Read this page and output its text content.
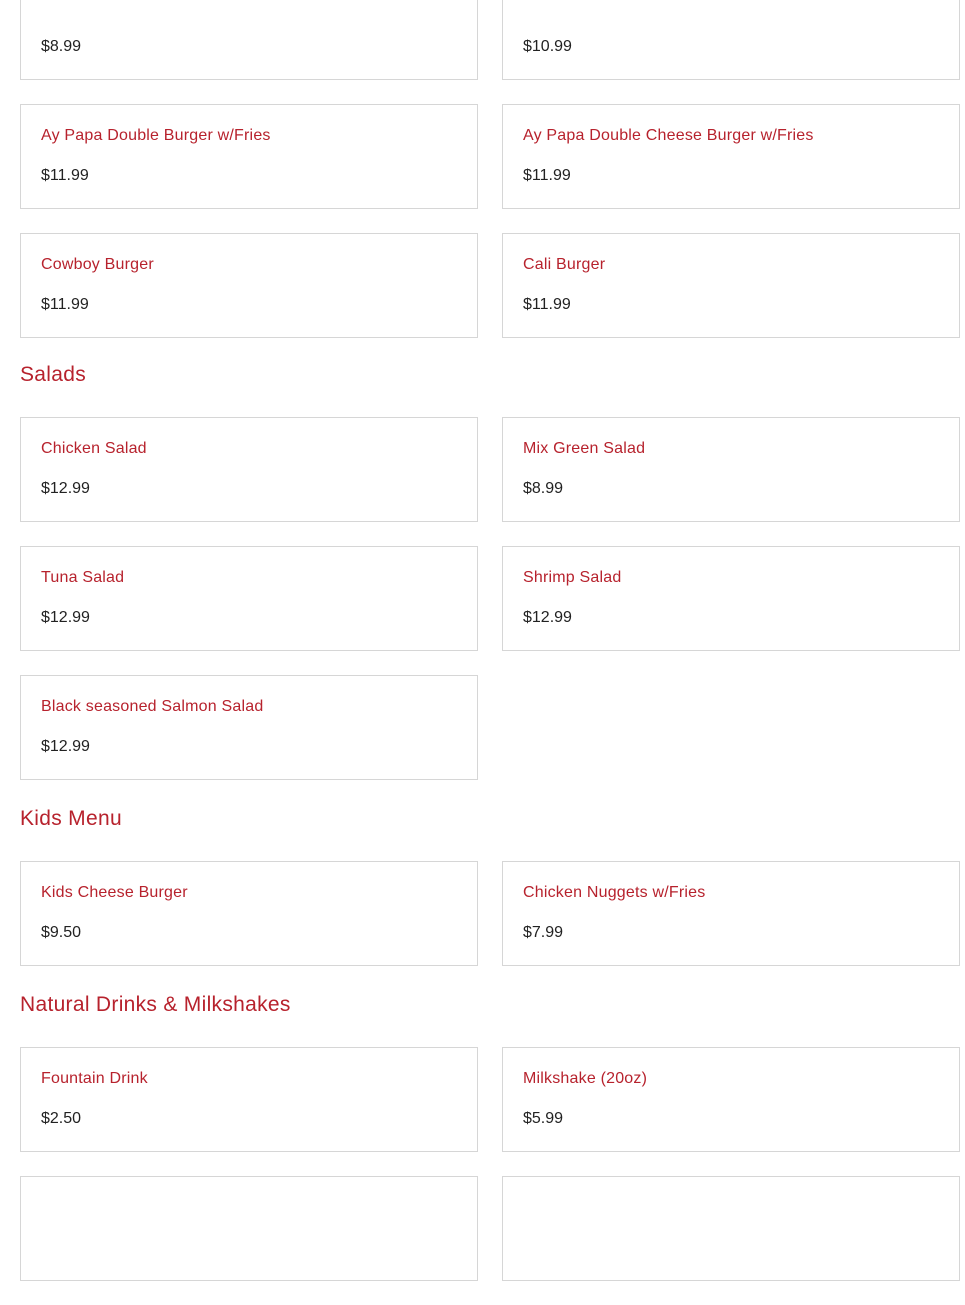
$8.99	$10.99
Ay Papa Double Burger w/Fries
$11.99
Ay Papa Double Cheese Burger w/Fries
$11.99
Cowboy Burger
$11.99
Cali Burger
$11.99
Salads
Chicken Salad
$12.99
Mix Green Salad
$8.99
Tuna Salad
$12.99
Shrimp Salad
$12.99
Black seasoned Salmon Salad
$12.99
Kids Menu
Kids Cheese Burger
$9.50
Chicken Nuggets w/Fries
$7.99
Natural Drinks & Milkshakes
Fountain Drink
$2.50
Milkshake (20oz)
$5.99
